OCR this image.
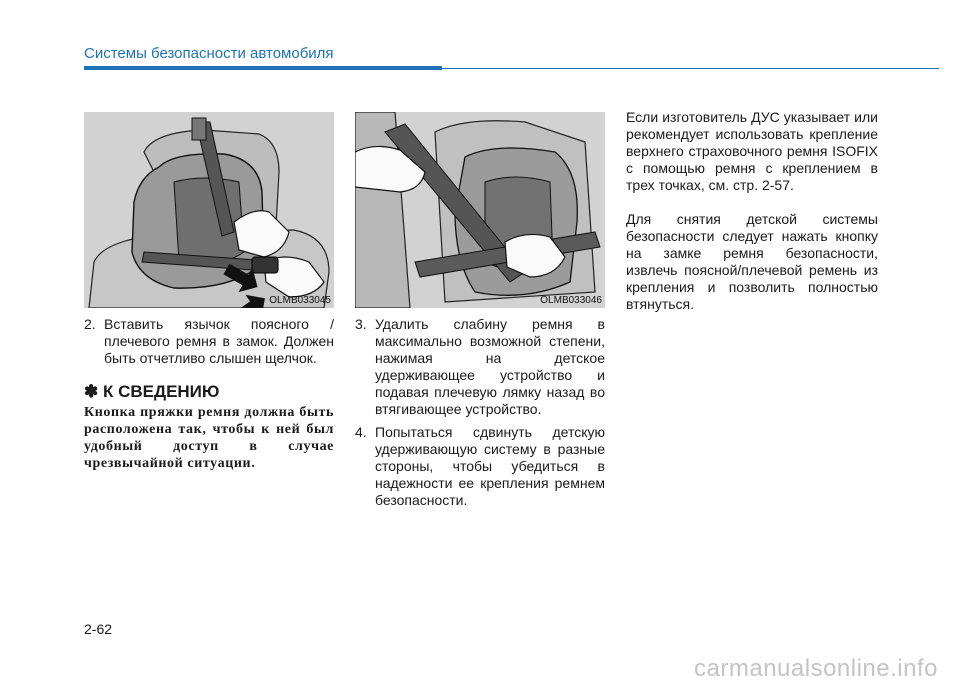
Системы безопасности автомобиля
OLMB033045	OLMB033046
2. Вставить язычок поясного / плечевого ремня в замок. Должен быть отчетливо слышен щелчок.
✽ К СВЕДЕНИЮ
Кнопка пряжки ремня должна быть расположена так, чтобы к ней был удобный доступ в случае чрезвычайной ситуации.
3. Удалить слабину ремня в максимально возможной степени, нажимая на детское удерживающее устройство и подавая плечевую лямку назад во втягивающее устройство.
4. Попытаться сдвинуть детскую удерживающую систему в разные стороны, чтобы убедиться в надежности ее крепления ремнем безопасности.

Если изготовитель ДУС указывает или рекомендует использовать крепление верхнего страховочного ремня ISOFIX с помощью ремня с креплением в трех точках, см. стр. 2-57.

Для снятия детской системы безопасности следует нажать кнопку на замке ремня безопасности, извлечь поясной/плечевой ремень из крепления и позволить полностью втянуться.

2-62
carmanualsonline.info
